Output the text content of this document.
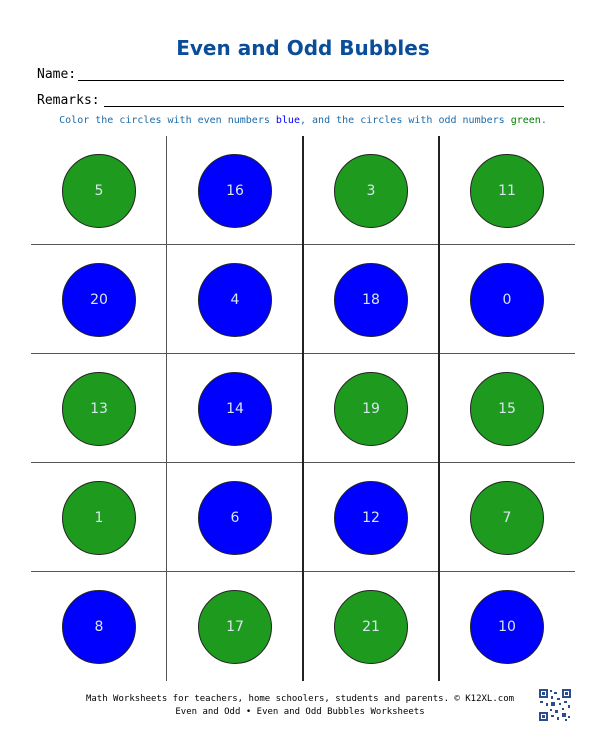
Even and Odd Bubbles
Name:
Remarks:
Color the circles with even numbers blue, and the circles with odd numbers green.
5	16	3	11
20	4	18	0
13	14	19	15
1	6	12	7
8	17	21	10
Math Worksheets for teachers, home schoolers, students and parents. © K12XL.com
Even and Odd • Even and Odd Bubbles Worksheets
